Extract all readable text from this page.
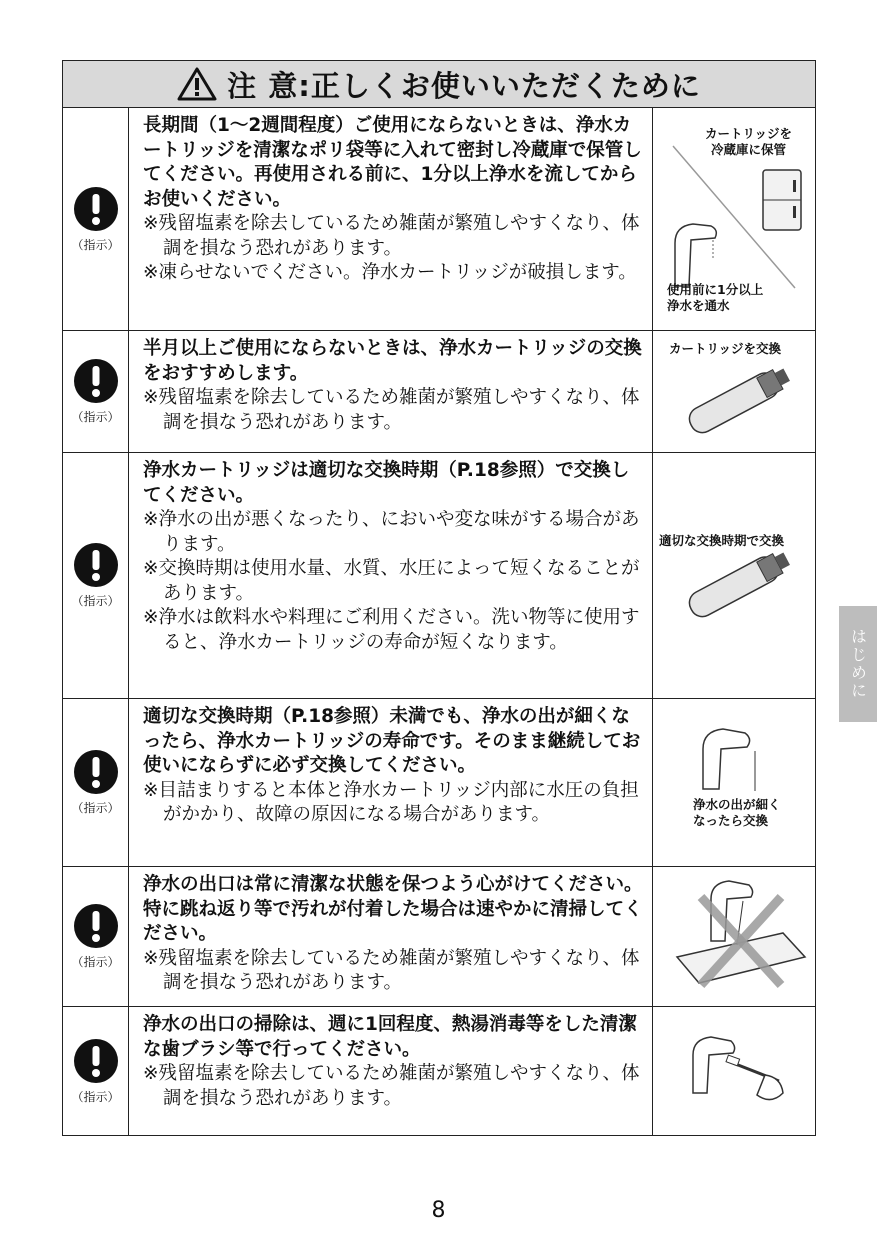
注 意:正しくお使いいただくために
（指示）
長期間（1〜2週間程度）ご使用にならないときは、浄水カートリッジを清潔なポリ袋等に入れて密封し冷蔵庫で保管してください。再使用される前に、1分以上浄水を流してからお使いください。
※残留塩素を除去しているため雑菌が繁殖しやすくなり、体調を損なう恐れがあります。
※凍らせないでください。浄水カートリッジが破損します。
カートリッジを
冷蔵庫に保管
使用前に1分以上
浄水を通水
（指示）
半月以上ご使用にならないときは、浄水カートリッジの交換をおすすめします。
※残留塩素を除去しているため雑菌が繁殖しやすくなり、体調を損なう恐れがあります。
カートリッジを交換
（指示）
浄水カートリッジは適切な交換時期（P.18参照）で交換してください。
※浄水の出が悪くなったり、においや変な味がする場合があります。
※交換時期は使用水量、水質、水圧によって短くなることがあります。
※浄水は飲料水や料理にご利用ください。洗い物等に使用すると、浄水カートリッジの寿命が短くなります。
適切な交換時期で交換
（指示）
適切な交換時期（P.18参照）未満でも、浄水の出が細くなったら、浄水カートリッジの寿命です。そのまま継続してお使いにならずに必ず交換してください。
※目詰まりすると本体と浄水カートリッジ内部に水圧の負担がかかり、故障の原因になる場合があります。	浄水の出が細く
なったら交換
（指示）
浄水の出口は常に清潔な状態を保つよう心がけてください。特に跳ね返り等で汚れが付着した場合は速やかに清掃してください。
※残留塩素を除去しているため雑菌が繁殖しやすくなり、体調を損なう恐れがあります。
（指示）
浄水の出口の掃除は、週に1回程度、熱湯消毒等をした清潔な歯ブラシ等で行ってください。
※残留塩素を除去しているため雑菌が繁殖しやすくなり、体調を損なう恐れがあります。
はじめに
8
